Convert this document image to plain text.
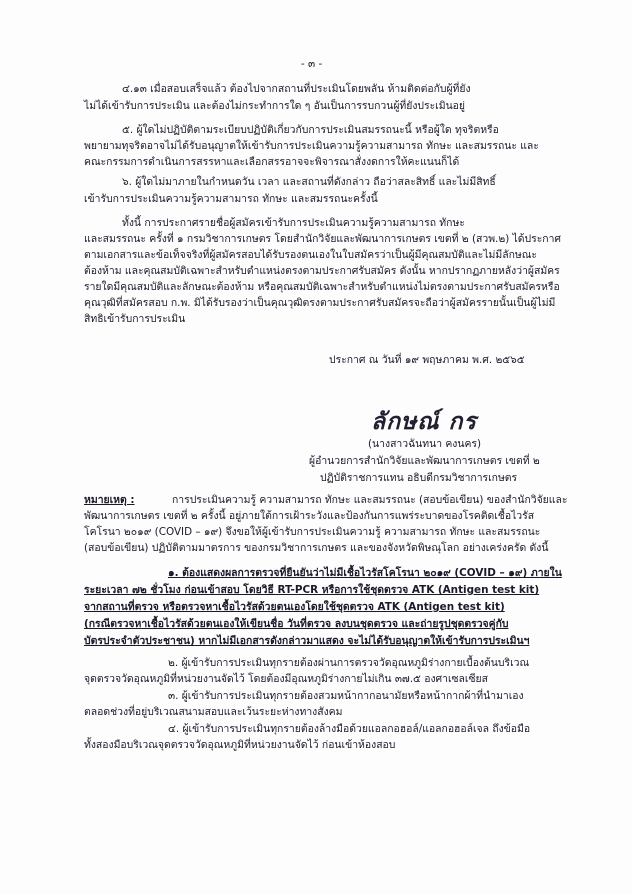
- ๓ -
๔.๑๓ เมื่อสอบเสร็จแล้ว ต้องไปจากสถานที่ประเมินโดยพลัน ห้ามติดต่อกับผู้ที่ยัง
ไม่ได้เข้ารับการประเมิน และต้องไม่กระทำการใด ๆ อันเป็นการรบกวนผู้ที่ยังประเมินอยู่
๕. ผู้ใดไม่ปฏิบัติตามระเบียบปฏิบัติเกี่ยวกับการประเมินสมรรถนะนี้ หรือผู้ใด ทุจริตหรือ
พยายามทุจริตอาจไม่ได้รับอนุญาตให้เข้ารับการประเมินความรู้ความสามารถ ทักษะ และสมรรถนะ และ
คณะกรรมการดำเนินการสรรหาและเลือกสรรอาจจะพิจารณาสั่งงดการให้คะแนนก็ได้
๖. ผู้ใดไม่มาภายในกำหนดวัน เวลา และสถานที่ดังกล่าว ถือว่าสละสิทธิ์ และไม่มีสิทธิ์
เข้ารับการประเมินความรู้ความสามารถ ทักษะ และสมรรถนะครั้งนี้
ทั้งนี้ การประกาศรายชื่อผู้สมัครเข้ารับการประเมินความรู้ความสามารถ ทักษะ
และสมรรถนะ ครั้งที่ ๑ กรมวิชาการเกษตร โดยสำนักวิจัยและพัฒนาการเกษตร เขตที่ ๒ (สวพ.๒) ได้ประกาศ
ตามเอกสารและข้อเท็จจริงที่ผู้สมัครสอบได้รับรองตนเองในใบสมัครว่าเป็นผู้มีคุณสมบัติและไม่มีลักษณะ
ต้องห้าม และคุณสมบัติเฉพาะสำหรับตำแหน่งตรงตามประกาศรับสมัคร ดังนั้น หากปรากฏภายหลังว่าผู้สมัคร
รายใดมีคุณสมบัติและลักษณะต้องห้าม หรือคุณสมบัติเฉพาะสำหรับตำแหน่งไม่ตรงตามประกาศรับสมัครหรือ
คุณวุฒิที่สมัครสอบ ก.พ. มิได้รับรองว่าเป็นคุณวุฒิตรงตามประกาศรับสมัครจะถือว่าผู้สมัครรายนั้นเป็นผู้ไม่มี
สิทธิเข้ารับการประเมิน
ประกาศ ณ วันที่ ๑๙ พฤษภาคม พ.ศ. ๒๕๖๕
ลักษณ์ กร
(นางสาวฉันทนา คงนคร)
ผู้อำนวยการสำนักวิจัยและพัฒนาการเกษตร เขตที่ ๒
ปฏิบัติราชการแทน อธิบดีกรมวิชาการเกษตร
หมายเหตุ :	การประเมินความรู้ ความสามารถ ทักษะ และสมรรถนะ (สอบข้อเขียน) ของสำนักวิจัยและ
พัฒนาการเกษตร เขตที่ ๒ ครั้งนี้ อยู่ภายใต้การเฝ้าระวังและป้องกันการแพร่ระบาดของโรคติดเชื้อไวรัส
โคโรนา ๒๐๑๙ (COVID – ๑๙) จึงขอให้ผู้เข้ารับการประเมินความรู้ ความสามารถ ทักษะ และสมรรถนะ
(สอบข้อเขียน) ปฏิบัติตามมาตรการ ของกรมวิชาการเกษตร และของจังหวัดพิษณุโลก อย่างเคร่งครัด ดังนี้
๑. ต้องแสดงผลการตรวจที่ยืนยันว่าไม่มีเชื้อไวรัสโคโรนา ๒๐๑๙ (COVID – ๑๙) ภายใน
ระยะเวลา ๗๒ ชั่วโมง ก่อนเข้าสอบ โดยวิธี RT-PCR หรือการใช้ชุดตรวจ ATK (Antigen test kit)
จากสถานที่ตรวจ หรือตรวจหาเชื้อไวรัสด้วยตนเองโดยใช้ชุดตรวจ ATK (Antigen test kit)
(กรณีตรวจหาเชื้อไวรัสด้วยตนเองให้เขียนชื่อ วันที่ตรวจ ลงบนชุดตรวจ และถ่ายรูปชุดตรวจคู่กับ
บัตรประจำตัวประชาชน) หากไม่มีเอกสารดังกล่าวมาแสดง จะไม่ได้รับอนุญาตให้เข้ารับการประเมินฯ
๒. ผู้เข้ารับการประเมินทุกรายต้องผ่านการตรวจวัดอุณหภูมิร่างกายเบื้องต้นบริเวณ
จุดตรวจวัดอุณหภูมิที่หน่วยงานจัดไว้ โดยต้องมีอุณหภูมิร่างกายไม่เกิน ๓๗.๕ องศาเซลเซียส
๓. ผู้เข้ารับการประเมินทุกรายต้องสวมหน้ากากอนามัยหรือหน้ากากผ้าที่นำมาเอง
ตลอดช่วงที่อยู่บริเวณสนามสอบและเว้นระยะห่างทางสังคม
๔. ผู้เข้ารับการประเมินทุกรายต้องล้างมือด้วยแอลกอฮอล์/แอลกอฮอล์เจล ถึงข้อมือ
ทั้งสองมือบริเวณจุดตรวจวัดอุณหภูมิที่หน่วยงานจัดไว้ ก่อนเข้าห้องสอบ
